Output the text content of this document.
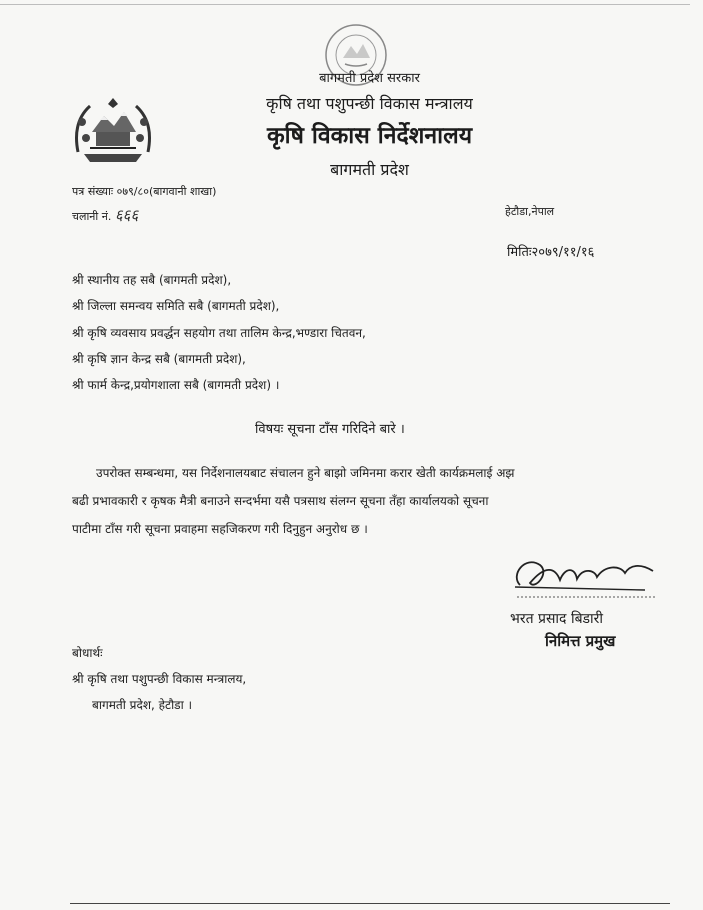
बागमती प्रदेश सरकार
कृषि तथा पशुपन्छी विकास मन्त्रालय
कृषि विकास निर्देशनालय
बागमती प्रदेश
पत्र संख्याः ०७९/८०(बागवानी शाखा)
चलानी नं. ६६६	हेटौडा,नेपाल
मितिः२०७९/११/१६
श्री स्थानीय तह सबै (बागमती प्रदेश),
श्री जिल्ला समन्वय समिति सबै (बागमती प्रदेश),
श्री कृषि व्यवसाय प्रवर्द्धन सहयोग तथा तालिम केन्द्र,भण्डारा चितवन,
श्री कृषि ज्ञान केन्द्र सबै (बागमती प्रदेश),
श्री फार्म केन्द्र,प्रयोगशाला सबै (बागमती प्रदेश) ।
विषयः सूचना टाँस गरिदिने बारे ।
उपरोक्त सम्बन्धमा, यस निर्देशनालयबाट संचालन हुने बाझो जमिनमा करार खेती कार्यक्रमलाई अझ
बढी प्रभावकारी र कृषक मैत्री बनाउने सन्दर्भमा यसै पत्रसाथ संलग्न सूचना तँहा कार्यालयको सूचना
पाटीमा टाँस गरी सूचना प्रवाहमा सहजिकरण गरी दिनुहुन अनुरोध छ ।
भरत प्रसाद बिडारी
निमित्त प्रमुख
बोधार्थः
श्री कृषि तथा पशुपन्छी विकास मन्त्रालय,
बागमती प्रदेश, हेटौडा ।
